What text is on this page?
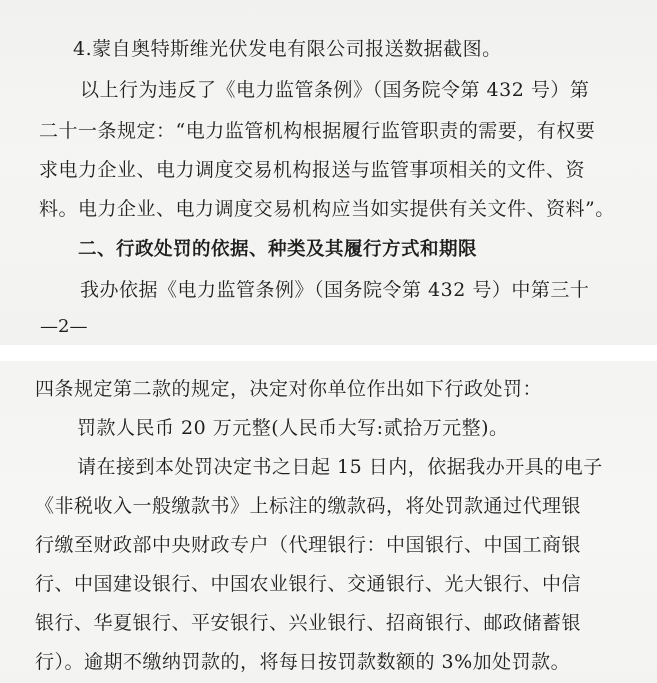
4.蒙自奥特斯维光伏发电有限公司报送数据截图。
以上行为违反了《电力监管条例》（国务院令第 432 号）第
二十一条规定：“电力监管机构根据履行监管职责的需要，有权要
求电力企业、电力调度交易机构报送与监管事项相关的文件、资
料。电力企业、电力调度交易机构应当如实提供有关文件、资料”。
二、行政处罚的依据、种类及其履行方式和期限
我办依据《电力监管条例》（国务院令第 432 号）中第三十
—2—
四条规定第二款的规定，决定对你单位作出如下行政处罚：
罚款人民币 20 万元整(人民币大写:贰拾万元整)。
请在接到本处罚决定书之日起 15 日内，依据我办开具的电子
《非税收入一般缴款书》上标注的缴款码，将处罚款通过代理银
行缴至财政部中央财政专户（代理银行：中国银行、中国工商银
行、中国建设银行、中国农业银行、交通银行、光大银行、中信
银行、华夏银行、平安银行、兴业银行、招商银行、邮政储蓄银
行）。逾期不缴纳罚款的，将每日按罚款数额的 3%加处罚款。
